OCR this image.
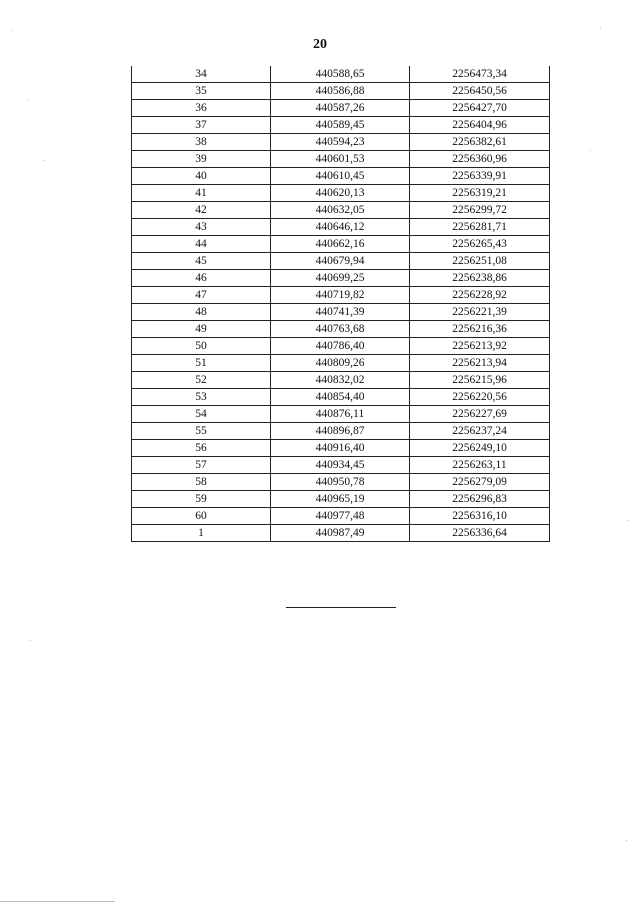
20
34	440588,65	2256473,34
35	440586,88	2256450,56
36	440587,26	2256427,70
37	440589,45	2256404,96
38	440594,23	2256382,61
39	440601,53	2256360,96
40	440610,45	2256339,91
41	440620,13	2256319,21
42	440632,05	2256299,72
43	440646,12	2256281,71
44	440662,16	2256265,43
45	440679,94	2256251,08
46	440699,25	2256238,86
47	440719,82	2256228,92
48	440741,39	2256221,39
49	440763,68	2256216,36
50	440786,40	2256213,92
51	440809,26	2256213,94
52	440832,02	2256215,96
53	440854,40	2256220,56
54	440876,11	2256227,69
55	440896,87	2256237,24
56	440916,40	2256249,10
57	440934,45	2256263,11
58	440950,78	2256279,09
59	440965,19	2256296,83
60	440977,48	2256316,10
1	440987,49	2256336,64
